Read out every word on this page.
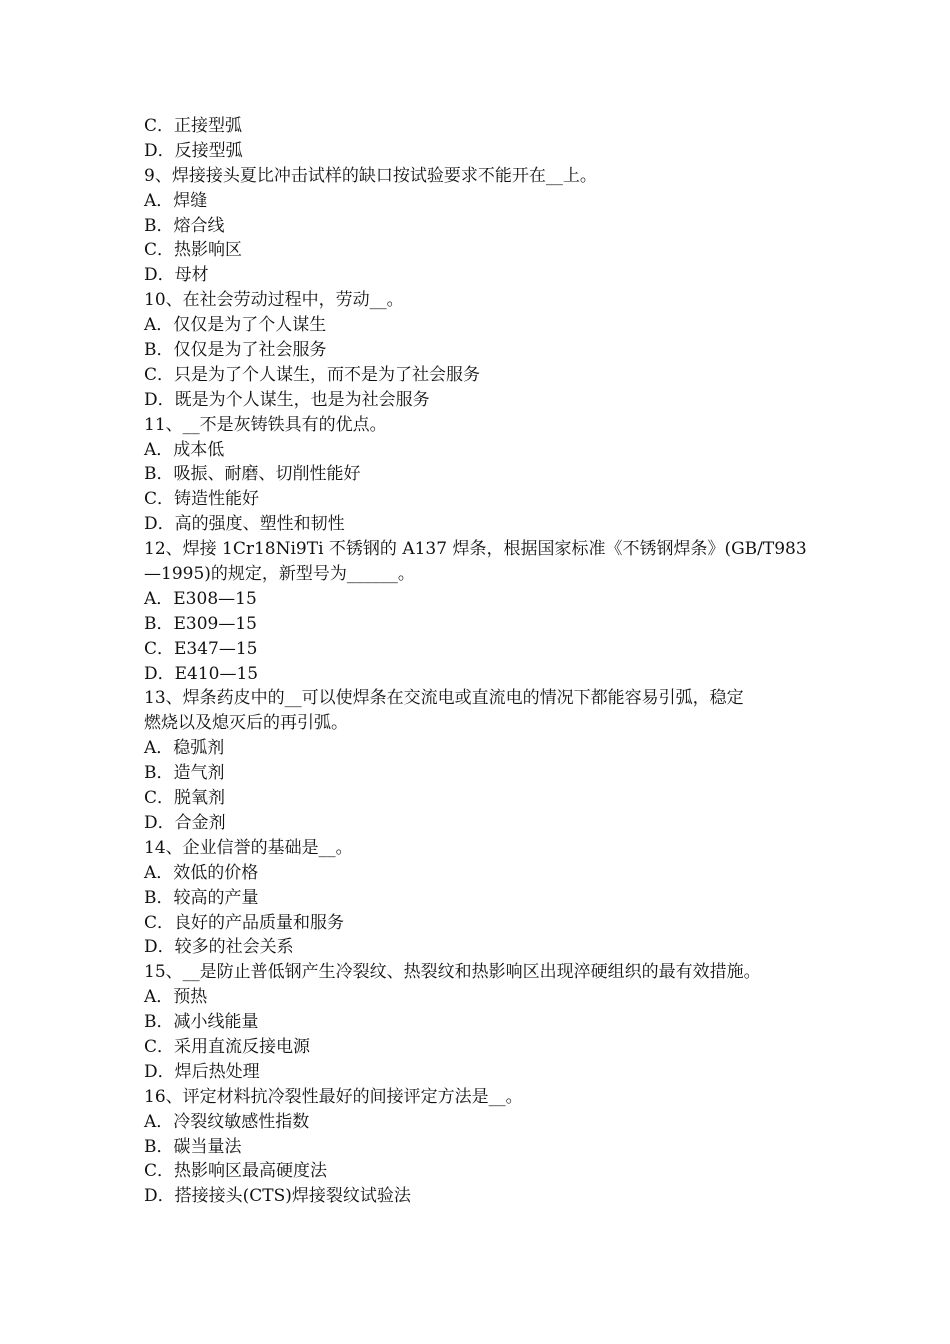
C．正接型弧
D．反接型弧
9、焊接接头夏比冲击试样的缺口按试验要求不能开在__上。
A．焊缝
B．熔合线
C．热影响区
D．母材
10、在社会劳动过程中，劳动__。
A．仅仅是为了个人谋生
B．仅仅是为了社会服务
C．只是为了个人谋生，而不是为了社会服务
D．既是为个人谋生，也是为社会服务
11、__不是灰铸铁具有的优点。
A．成本低
B．吸振、耐磨、切削性能好
C．铸造性能好
D．高的强度、塑性和韧性
12、焊接 1Cr18Ni9Ti 不锈钢的 A137 焊条，根据国家标准《不锈钢焊条》(GB/T983
—1995)的规定，新型号为______。
A．E308—15
B．E309—15
C．E347—15
D．E410—15
13、焊条药皮中的__可以使焊条在交流电或直流电的情况下都能容易引弧，稳定
燃烧以及熄灭后的再引弧。
A．稳弧剂
B．造气剂
C．脱氧剂
D．合金剂
14、企业信誉的基础是__。
A．效低的价格
B．较高的产量
C．良好的产品质量和服务
D．较多的社会关系
15、__是防止普低钢产生冷裂纹、热裂纹和热影响区出现淬硬组织的最有效措施。
A．预热
B．减小线能量
C．采用直流反接电源
D．焊后热处理
16、评定材料抗冷裂性最好的间接评定方法是__。
A．冷裂纹敏感性指数
B．碳当量法
C．热影响区最高硬度法
D．搭接接头(CTS)焊接裂纹试验法
